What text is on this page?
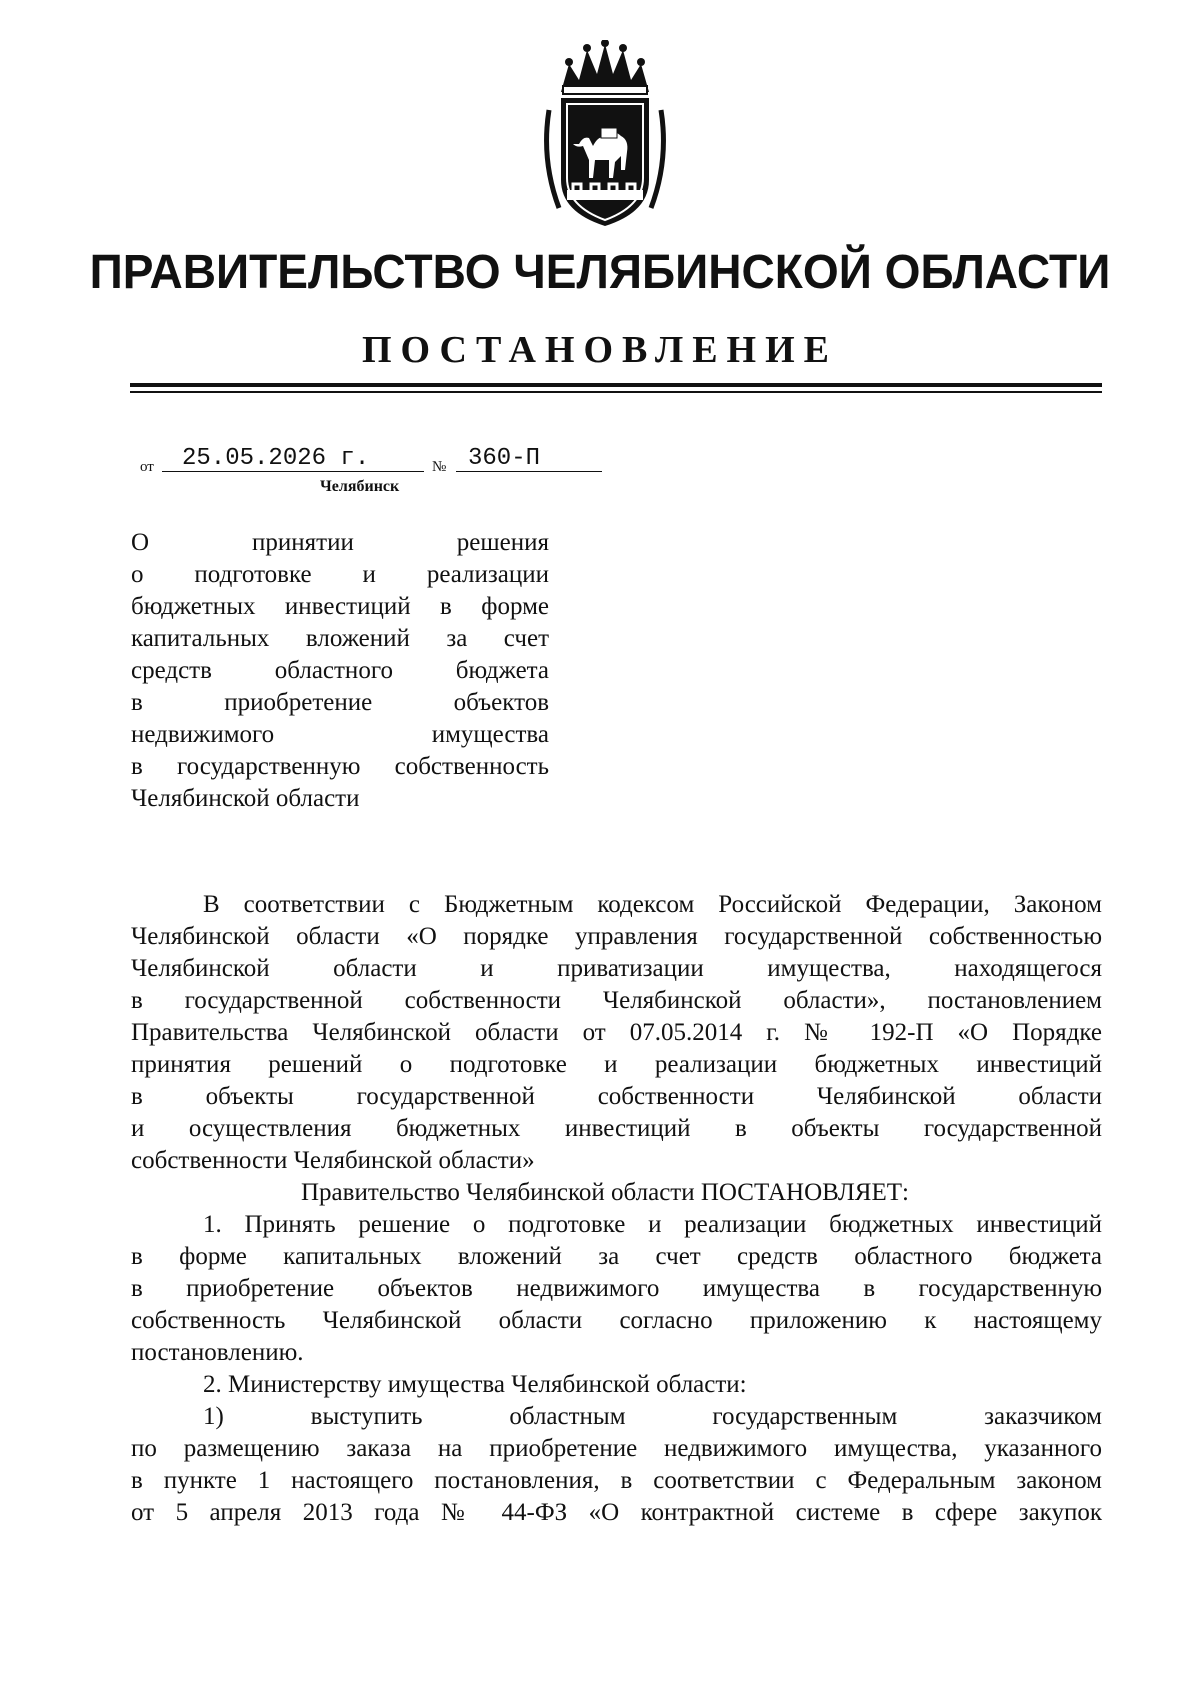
ПРАВИТЕЛЬСТВО ЧЕЛЯБИНСКОЙ ОБЛАСТИ
ПОСТАНОВЛЕНИЕ
от	25.05.2026 г.	№ 360-П
Челябинск
О принятии решения
о подготовке и реализации
бюджетных инвестиций в форме
капитальных вложений за счет
средств областного бюджета
в приобретение объектов
недвижимого имущества
в государственную собственность
Челябинской области
В соответствии с Бюджетным кодексом Российской Федерации, Законом
Челябинской области «О порядке управления государственной собственностью
Челябинской области и приватизации имущества, находящегося
в государственной собственности Челябинской области», постановлением
Правительства Челябинской области от 07.05.2014 г. № 192-П «О Порядке
принятия решений о подготовке и реализации бюджетных инвестиций
в объекты государственной собственности Челябинской области
и осуществления бюджетных инвестиций в объекты государственной
собственности Челябинской области»
Правительство Челябинской области ПОСТАНОВЛЯЕТ:
1. Принять решение о подготовке и реализации бюджетных инвестиций
в форме капитальных вложений за счет средств областного бюджета
в приобретение объектов недвижимого имущества в государственную
собственность Челябинской области согласно приложению к настоящему
постановлению.
2. Министерству имущества Челябинской области:
1) выступить областным государственным заказчиком
по размещению заказа на приобретение недвижимого имущества, указанного
в пункте 1 настоящего постановления, в соответствии с Федеральным законом
от 5 апреля 2013 года № 44-ФЗ «О контрактной системе в сфере закупок
